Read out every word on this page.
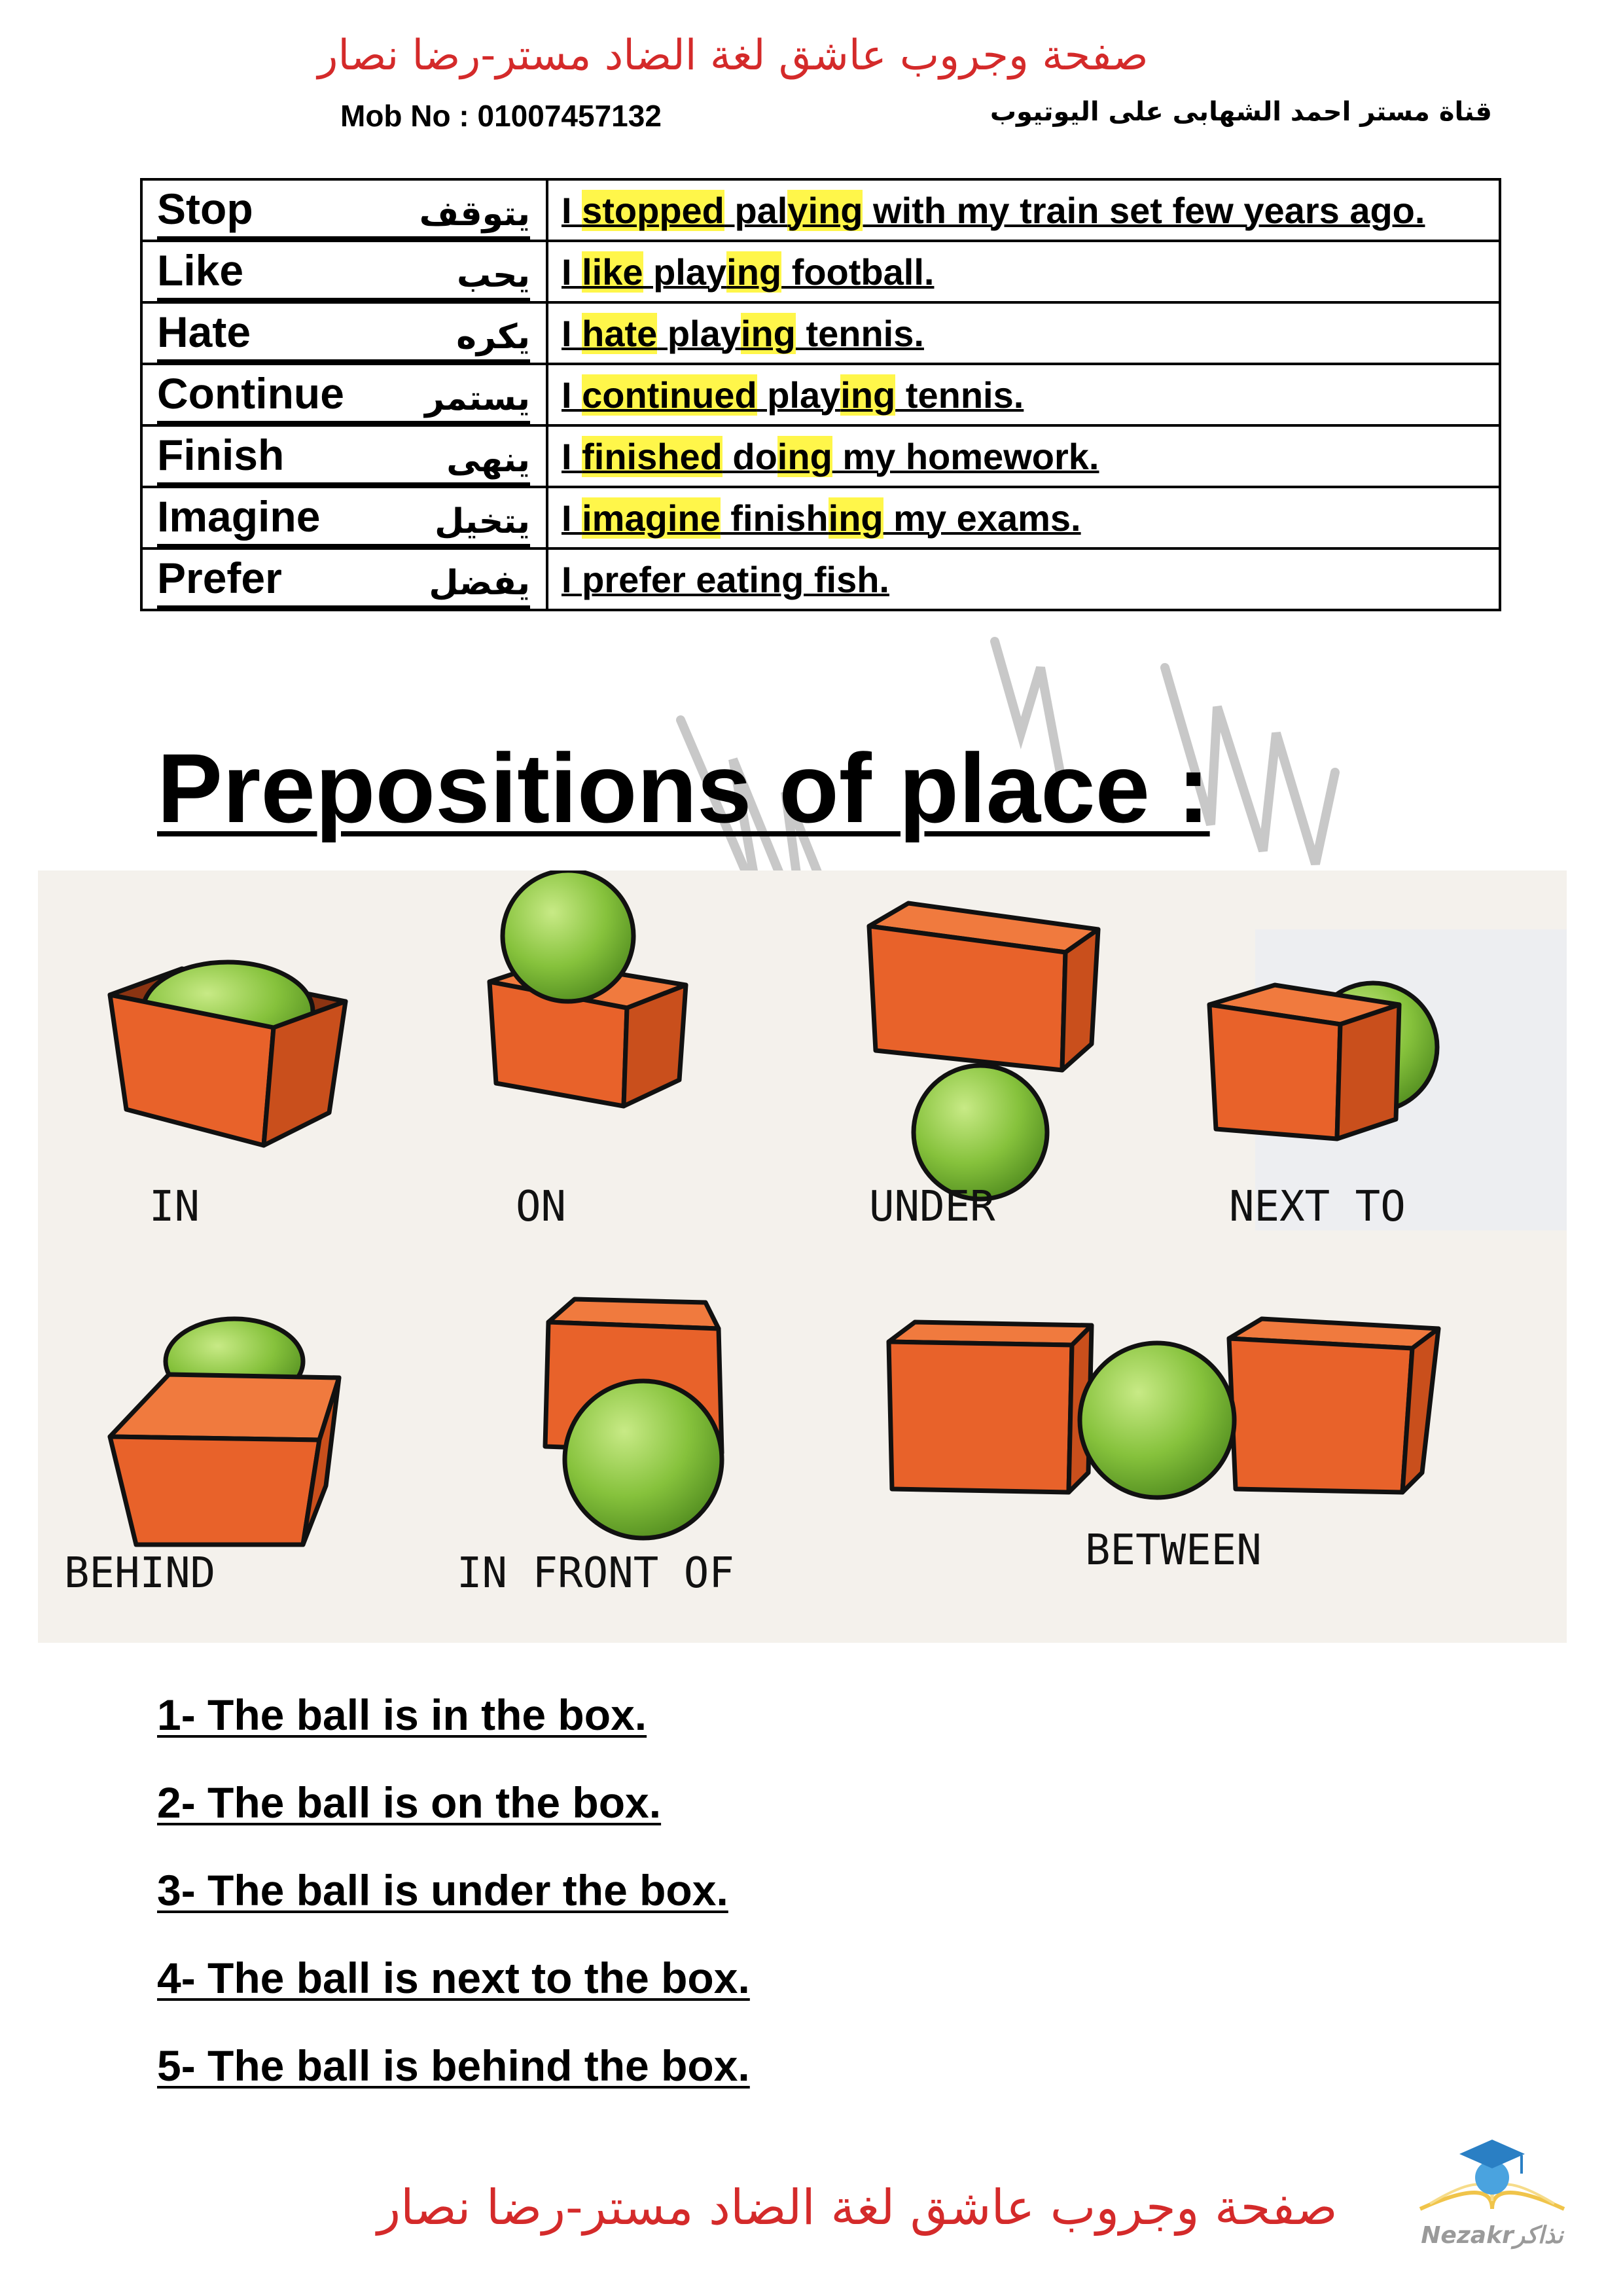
صفحة وجروب عاشق لغة الضاد مستر-رضا نصار
Mob No : 01007457132	قناة مستر احمد الشهابى على اليوتيوب
Stop يتوقف	I stopped palying with my train set few years ago.

Like يحب	I like playing football.

Hate يكره	I hate playing tennis.

Continue يستمر	I continued playing tennis.

Finish ينهى	I finished doing my homework.

Imagine يتخيل	I imagine finishing my exams.

Prefer يفضل	I prefer eating fish.
Prepositions of place :
IN	ON	UNDER	NEXT TO
BEHIND	IN FRONT OF	BETWEEN
1- The ball is in the box.
2- The ball is on the box.
3- The ball is under the box.
4- The ball is next to the box.
5- The ball is behind the box.
صفحة وجروب عاشق لغة الضاد مستر-رضا نصار	Nezakrنذاكر
